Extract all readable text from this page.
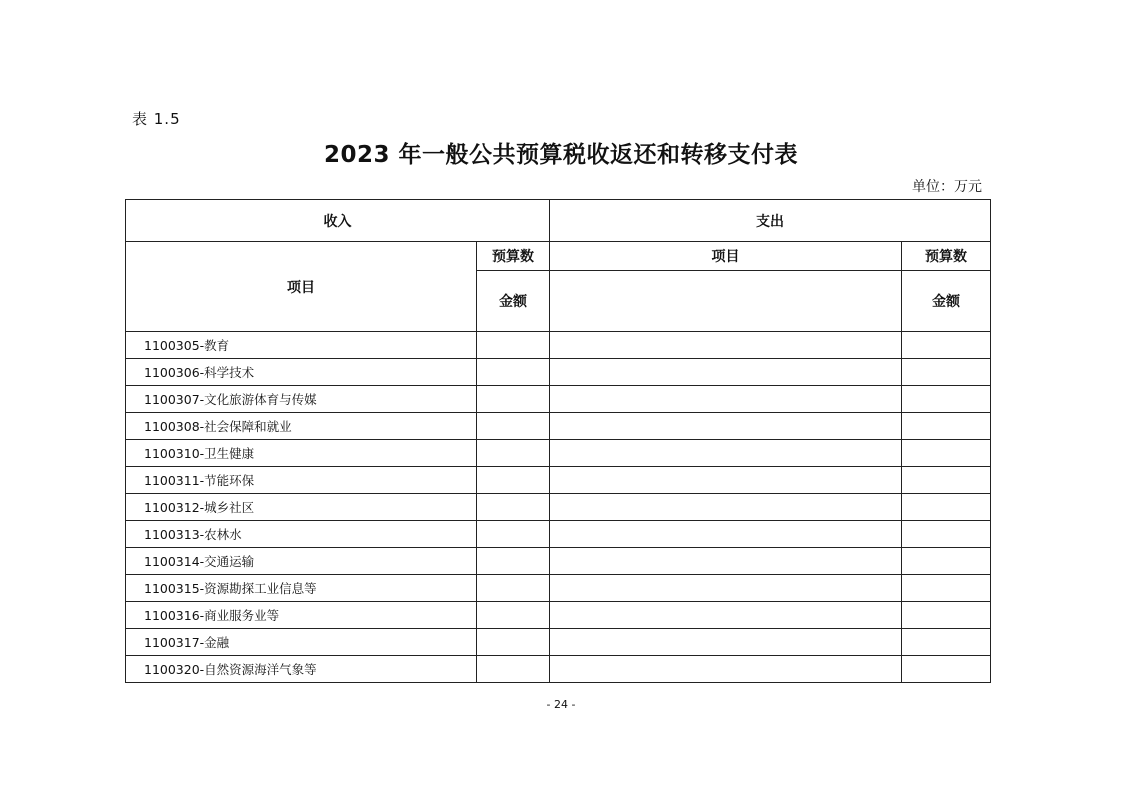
表 1.5
2023 年一般公共预算税收返还和转移支付表
单位：万元
收入		支出	
项目	预算数	项目	预算数
	金额		金额
1100305-教育			
1100306-科学技术			
1100307-文化旅游体育与传媒			
1100308-社会保障和就业			
1100310-卫生健康			
1100311-节能环保			
1100312-城乡社区			
1100313-农林水			
1100314-交通运输			
1100315-资源勘探工业信息等			
1100316-商业服务业等			
1100317-金融			
1100320-自然资源海洋气象等			
- 24 -
